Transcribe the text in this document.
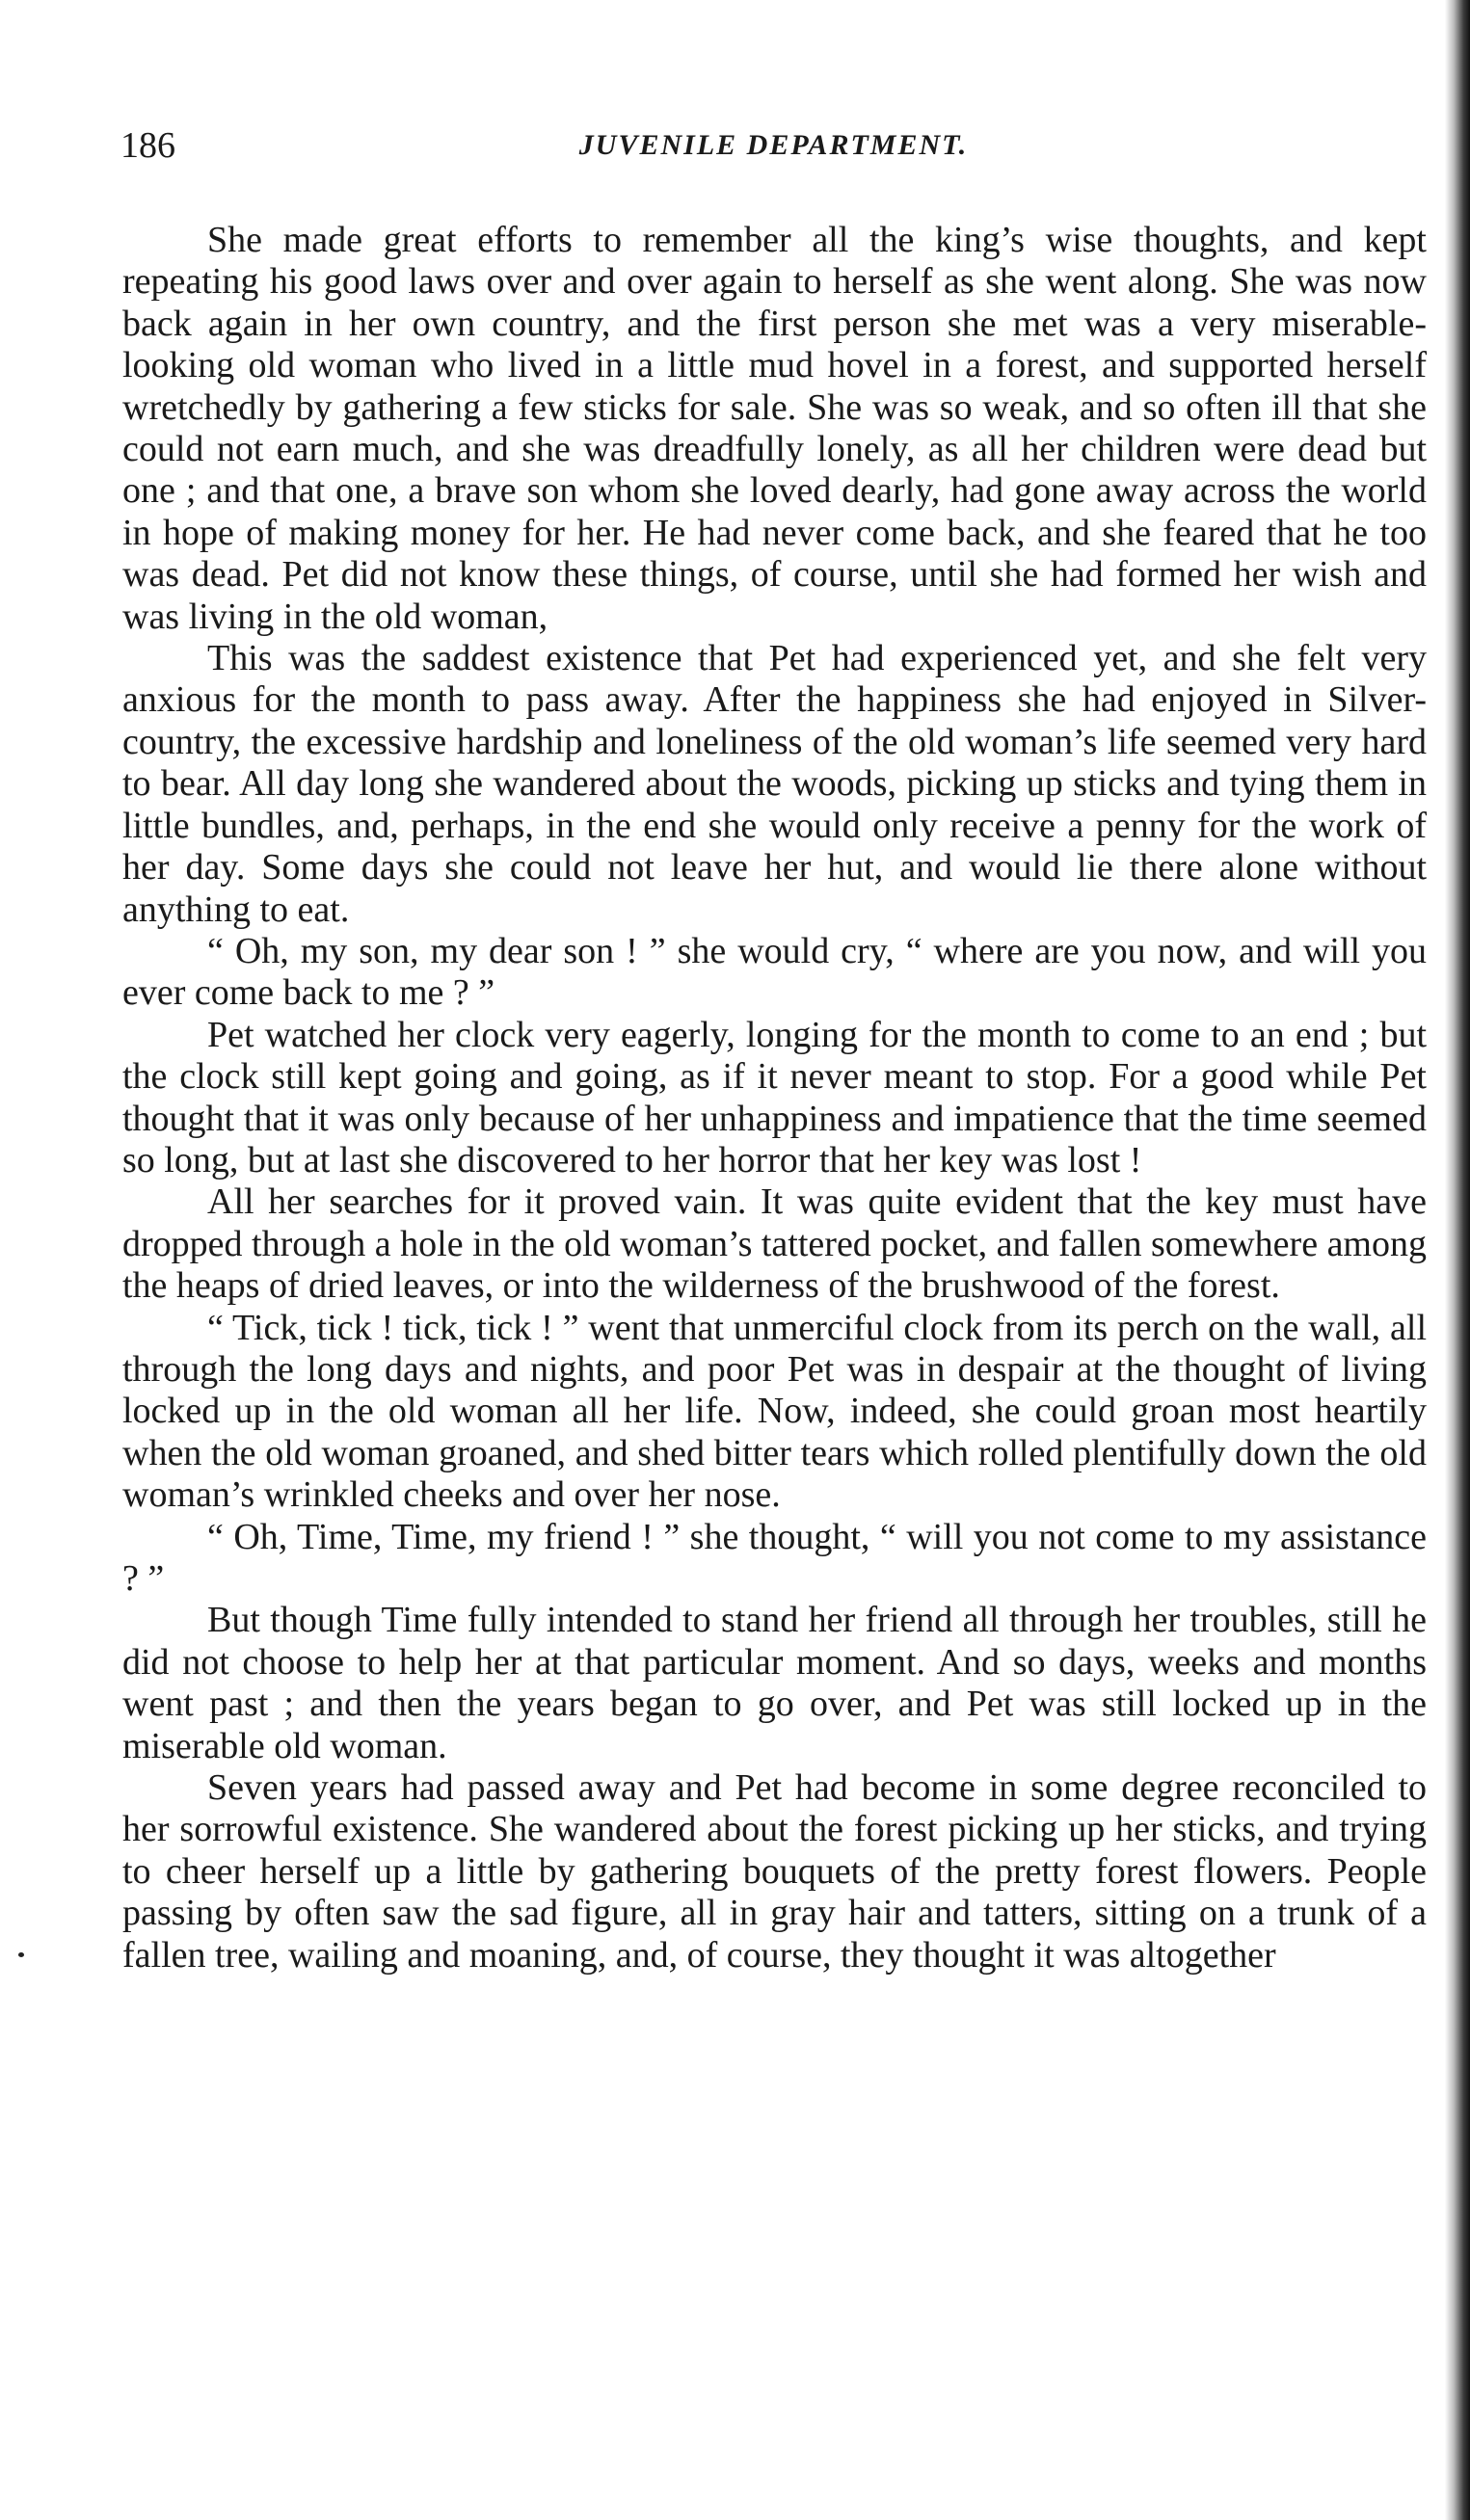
186	JUVENILE DEPARTMENT.

She made great efforts to remember all the king’s wise thoughts, and kept repeating his good laws over and over again to herself as she went along. She was now back again in her own country, and the first person she met was a very miserable-looking old woman who lived in a little mud hovel in a forest, and supported herself wretchedly by gathering a few sticks for sale. She was so weak, and so often ill that she could not earn much, and she was dreadfully lonely, as all her children were dead but one ; and that one, a brave son whom she loved dearly, had gone away across the world in hope of making money for her. He had never come back, and she feared that he too was dead. Pet did not know these things, of course, until she had formed her wish and was living in the old woman,

This was the saddest existence that Pet had experienced yet, and she felt very anxious for the month to pass away. After the happiness she had enjoyed in Silver-country, the excessive hardship and loneliness of the old woman’s life seemed very hard to bear. All day long she wandered about the woods, picking up sticks and tying them in little bundles, and, perhaps, in the end she would only receive a penny for the work of her day. Some days she could not leave her hut, and would lie there alone without anything to eat.

“ Oh, my son, my dear son ! ” she would cry, “ where are you now, and will you ever come back to me ? ”

Pet watched her clock very eagerly, longing for the month to come to an end ; but the clock still kept going and going, as if it never meant to stop. For a good while Pet thought that it was only because of her unhappiness and impatience that the time seemed so long, but at last she discovered to her horror that her key was lost !

All her searches for it proved vain. It was quite evident that the key must have dropped through a hole in the old woman’s tattered pocket, and fallen somewhere among the heaps of dried leaves, or into the wilderness of the brushwood of the forest.

“ Tick, tick ! tick, tick ! ” went that unmerciful clock from its perch on the wall, all through the long days and nights, and poor Pet was in despair at the thought of living locked up in the old woman all her life. Now, indeed, she could groan most heartily when the old woman groaned, and shed bitter tears which rolled plentifully down the old woman’s wrinkled cheeks and over her nose.

“ Oh, Time, Time, my friend ! ” she thought, “ will you not come to my assistance ? ”

But though Time fully intended to stand her friend all through her troubles, still he did not choose to help her at that particular moment. And so days, weeks and months went past ; and then the years began to go over, and Pet was still locked up in the miserable old woman.

Seven years had passed away and Pet had become in some degree reconciled to her sorrowful existence. She wandered about the forest picking up her sticks, and trying to cheer herself up a little by gathering bouquets of the pretty forest flowers. People passing by often saw the sad figure, all in gray hair and tatters, sitting on a trunk of a fallen tree, wailing and moaning, and, of course, they thought it was altogether
